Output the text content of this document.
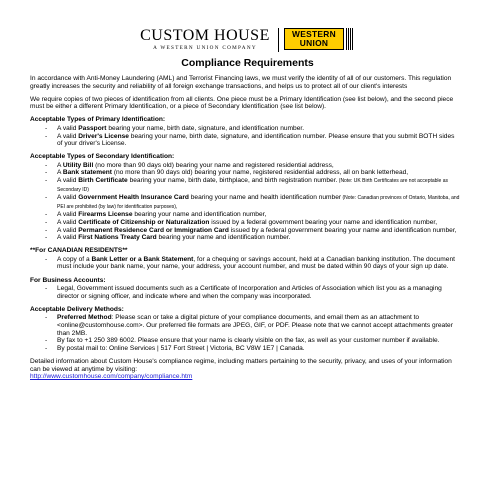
CUSTOM HOUSE
A WESTERN UNION COMPANY
WESTERN
UNION
Compliance Requirements

In accordance with Anti-Money Laundering (AML) and Terrorist Financing laws, we must verify the identity of all of our customers. This regulation greatly increases the security and reliability of all foreign exchange transactions, and helps us to protect all of our client's interests

We require copies of two pieces of identification from all clients. One piece must be a Primary Identification (see list below), and the second piece must be either a different Primary Identification, or a piece of Secondary Identification (see list below).

Acceptable Types of Primary Identification:
- A valid Passport bearing your name, birth date, signature, and identification number.
- A valid Driver's License bearing your name, birth date, signature, and identification number. Please ensure that you submit BOTH sides of your driver's License.
Acceptable Types of Secondary Identification:
- A Utility Bill (no more than 90 days old) bearing your name and registered residential address,
- A Bank statement (no more than 90 days old) bearing your name, registered residential address, all on bank letterhead,
- A valid Birth Certificate bearing your name, birth date, birthplace, and birth registration number. (Note: UK Birth Certificates are not acceptable as Secondary ID)
- A valid Government Health Insurance Card bearing your name and health identification number (Note: Canadian provinces of Ontario, Manitoba, and PEI are prohibited (by law) for identification purposes),
- A valid Firearms License bearing your name and identification number,
- A valid Certificate of Citizenship or Naturalization issued by a federal government bearing your name and identification number,
- A valid Permanent Residence Card or Immigration Card issued by a federal government bearing your name and identification number,
- A valid First Nations Treaty Card bearing your name and identification number.
**For CANADIAN RESIDENTS**
- A copy of a Bank Letter or a Bank Statement, for a chequing or savings account, held at a Canadian banking institution. The document must include your bank name, your name, your address, your account number, and must be dated within 90 days of your sign up date.
For Business Accounts:
- Legal, Government issued documents such as a Certificate of Incorporation and Articles of Association which list you as a managing director or signing officer, and indicate where and when the company was incorporated.
Acceptable Delivery Methods:
- Preferred Method: Please scan or take a digital picture of your compliance documents, and email them as an attachment to <online@customhouse.com>. Our preferred file formats are JPEG, GIF, or PDF. Please note that we cannot accept attachments greater than 2MB.
- By fax to +1 250 389 6002. Please ensure that your name is clearly visible on the fax, as well as your customer number if available.
- By postal mail to: Online Services | 517 Fort Street | Victoria, BC V8W 1E7 | Canada.
Detailed information about Custom House's compliance regime, including matters pertaining to the security, privacy, and uses of your information can be viewed at anytime by visiting:
http://www.customhouse.com/company/compliance.htm
